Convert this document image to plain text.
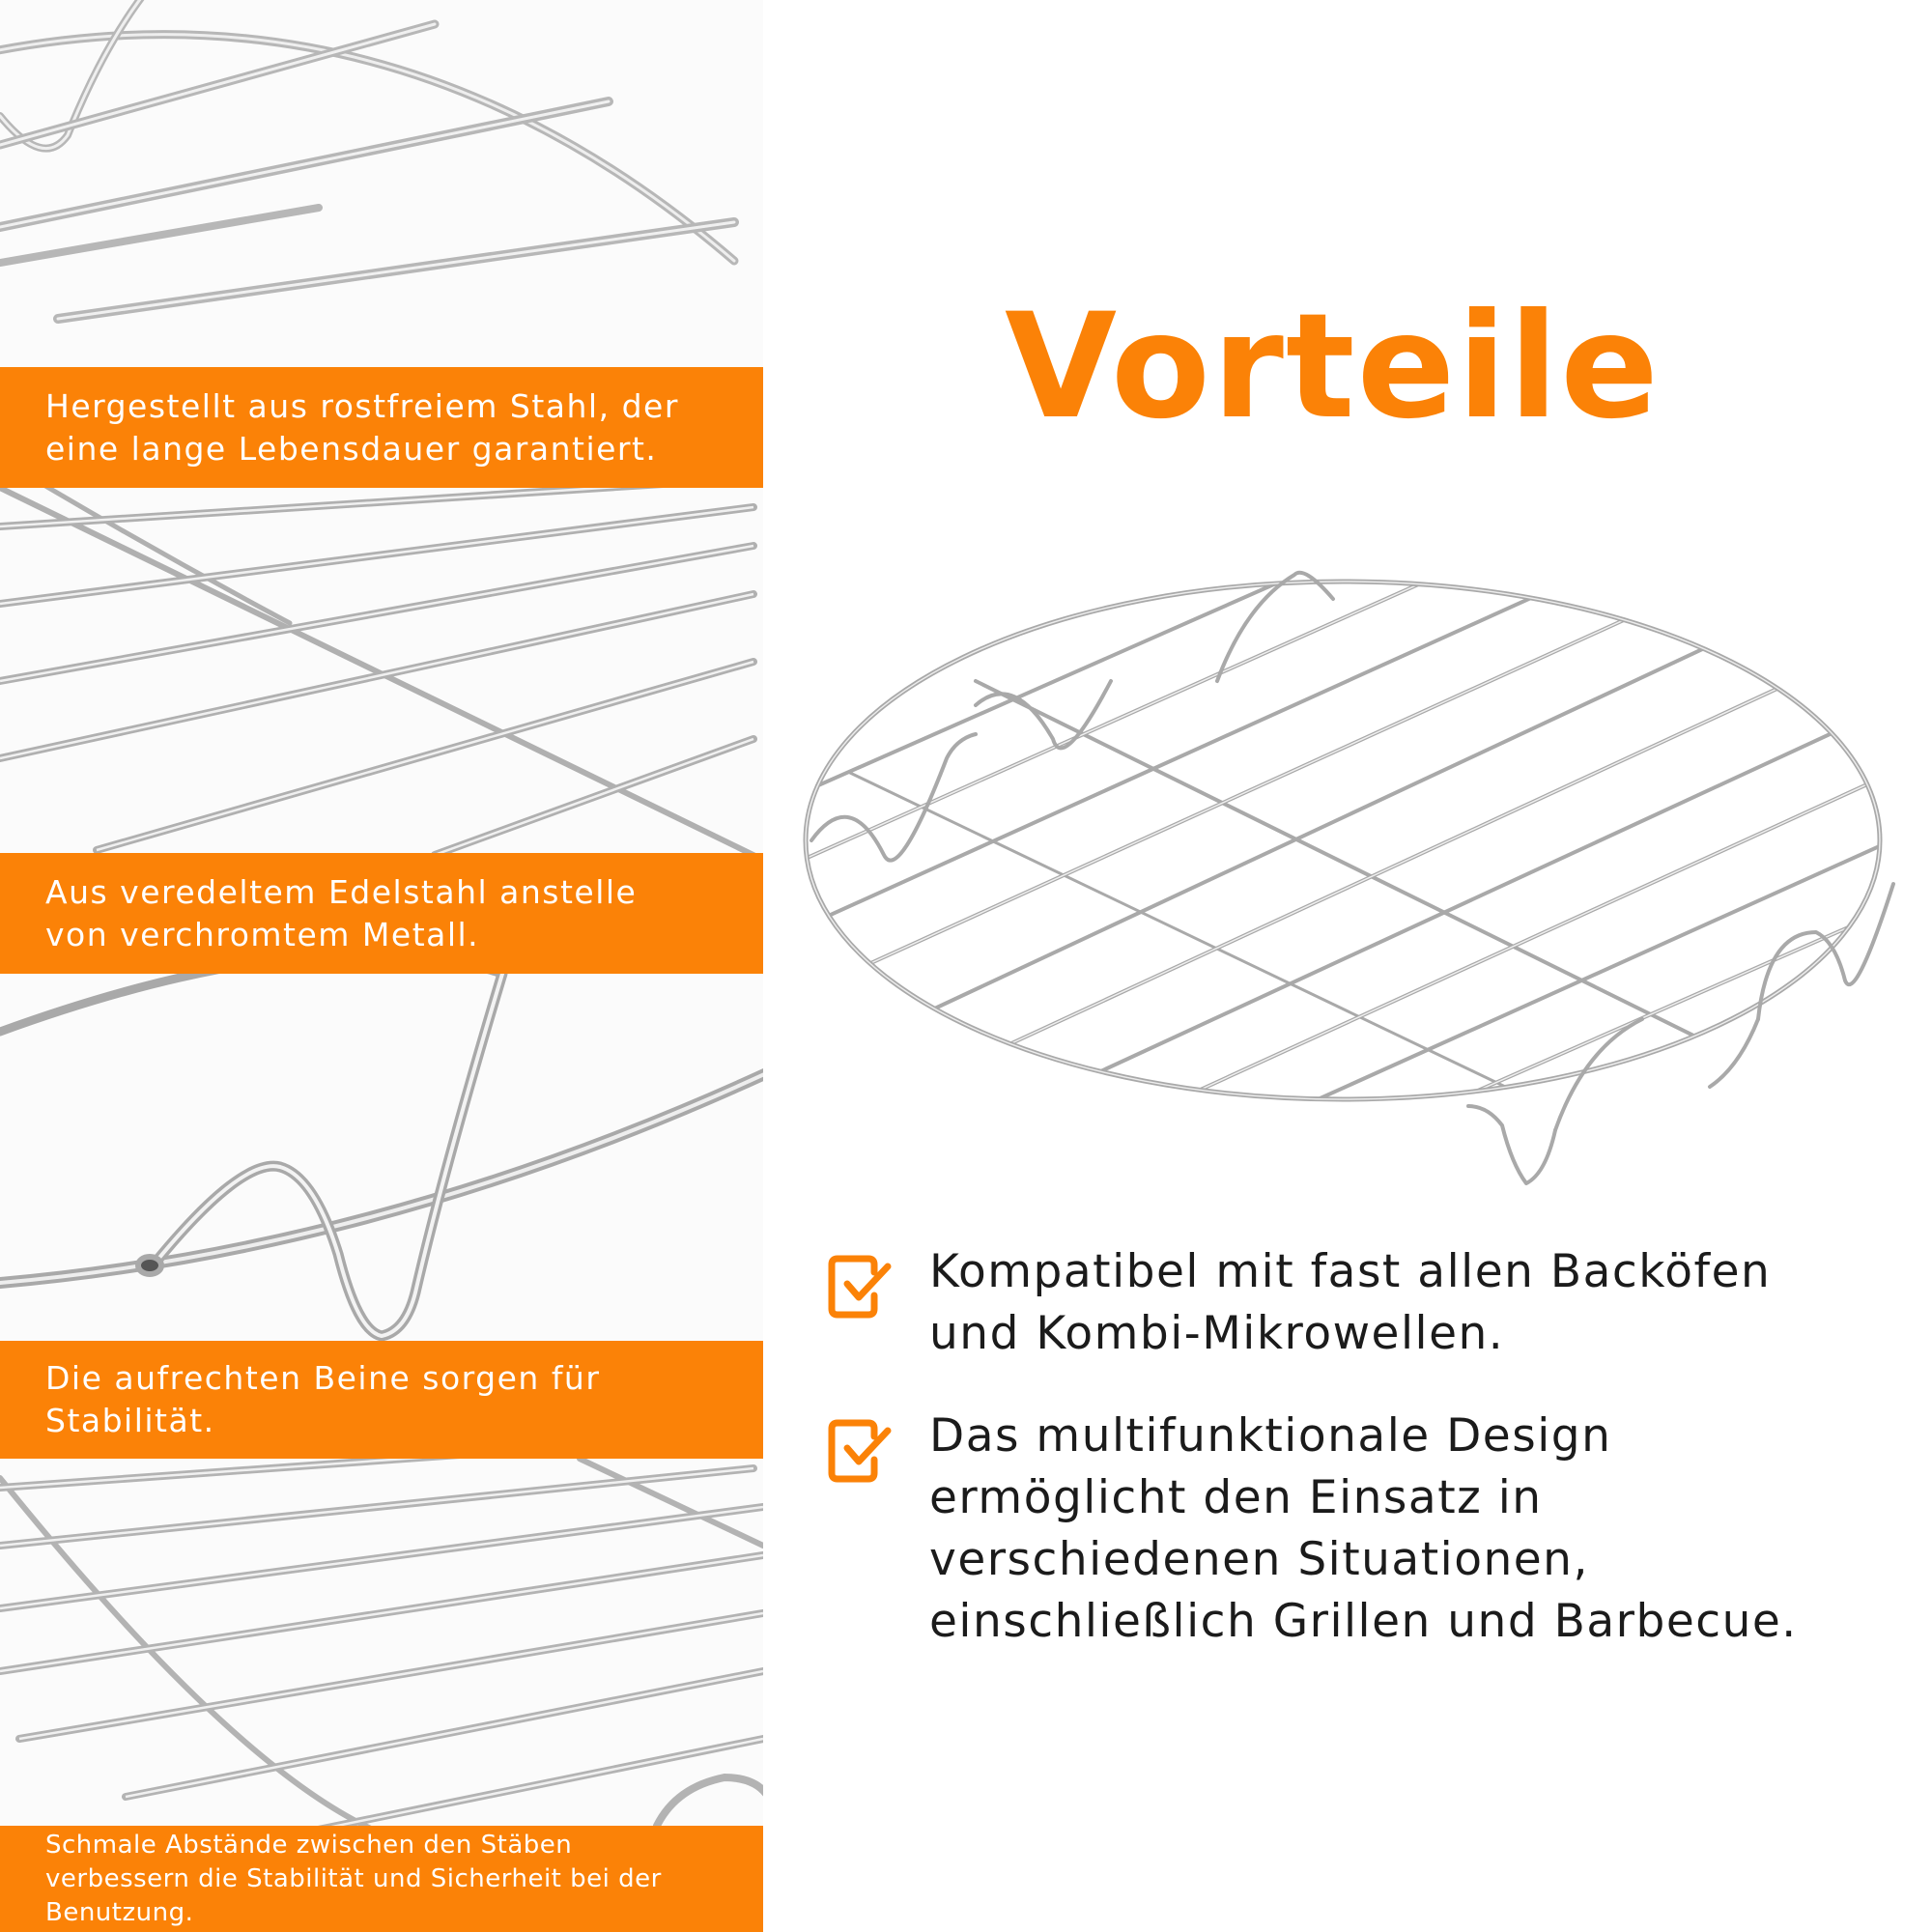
Hergestellt aus rostfreiem Stahl, der
eine lange Lebensdauer garantiert.
Aus veredeltem Edelstahl anstelle
von verchromtem Metall.
Die aufrechten Beine sorgen für
Stabilität.
Schmale Abstände zwischen den Stäben
verbessern die Stabilität und Sicherheit bei der
Benutzung.
Vorteile
Kompatibel mit fast allen Backöfen
und Kombi-Mikrowellen.
Das multifunktionale Design
ermöglicht den Einsatz in
verschiedenen Situationen,
einschließlich Grillen und Barbecue.
